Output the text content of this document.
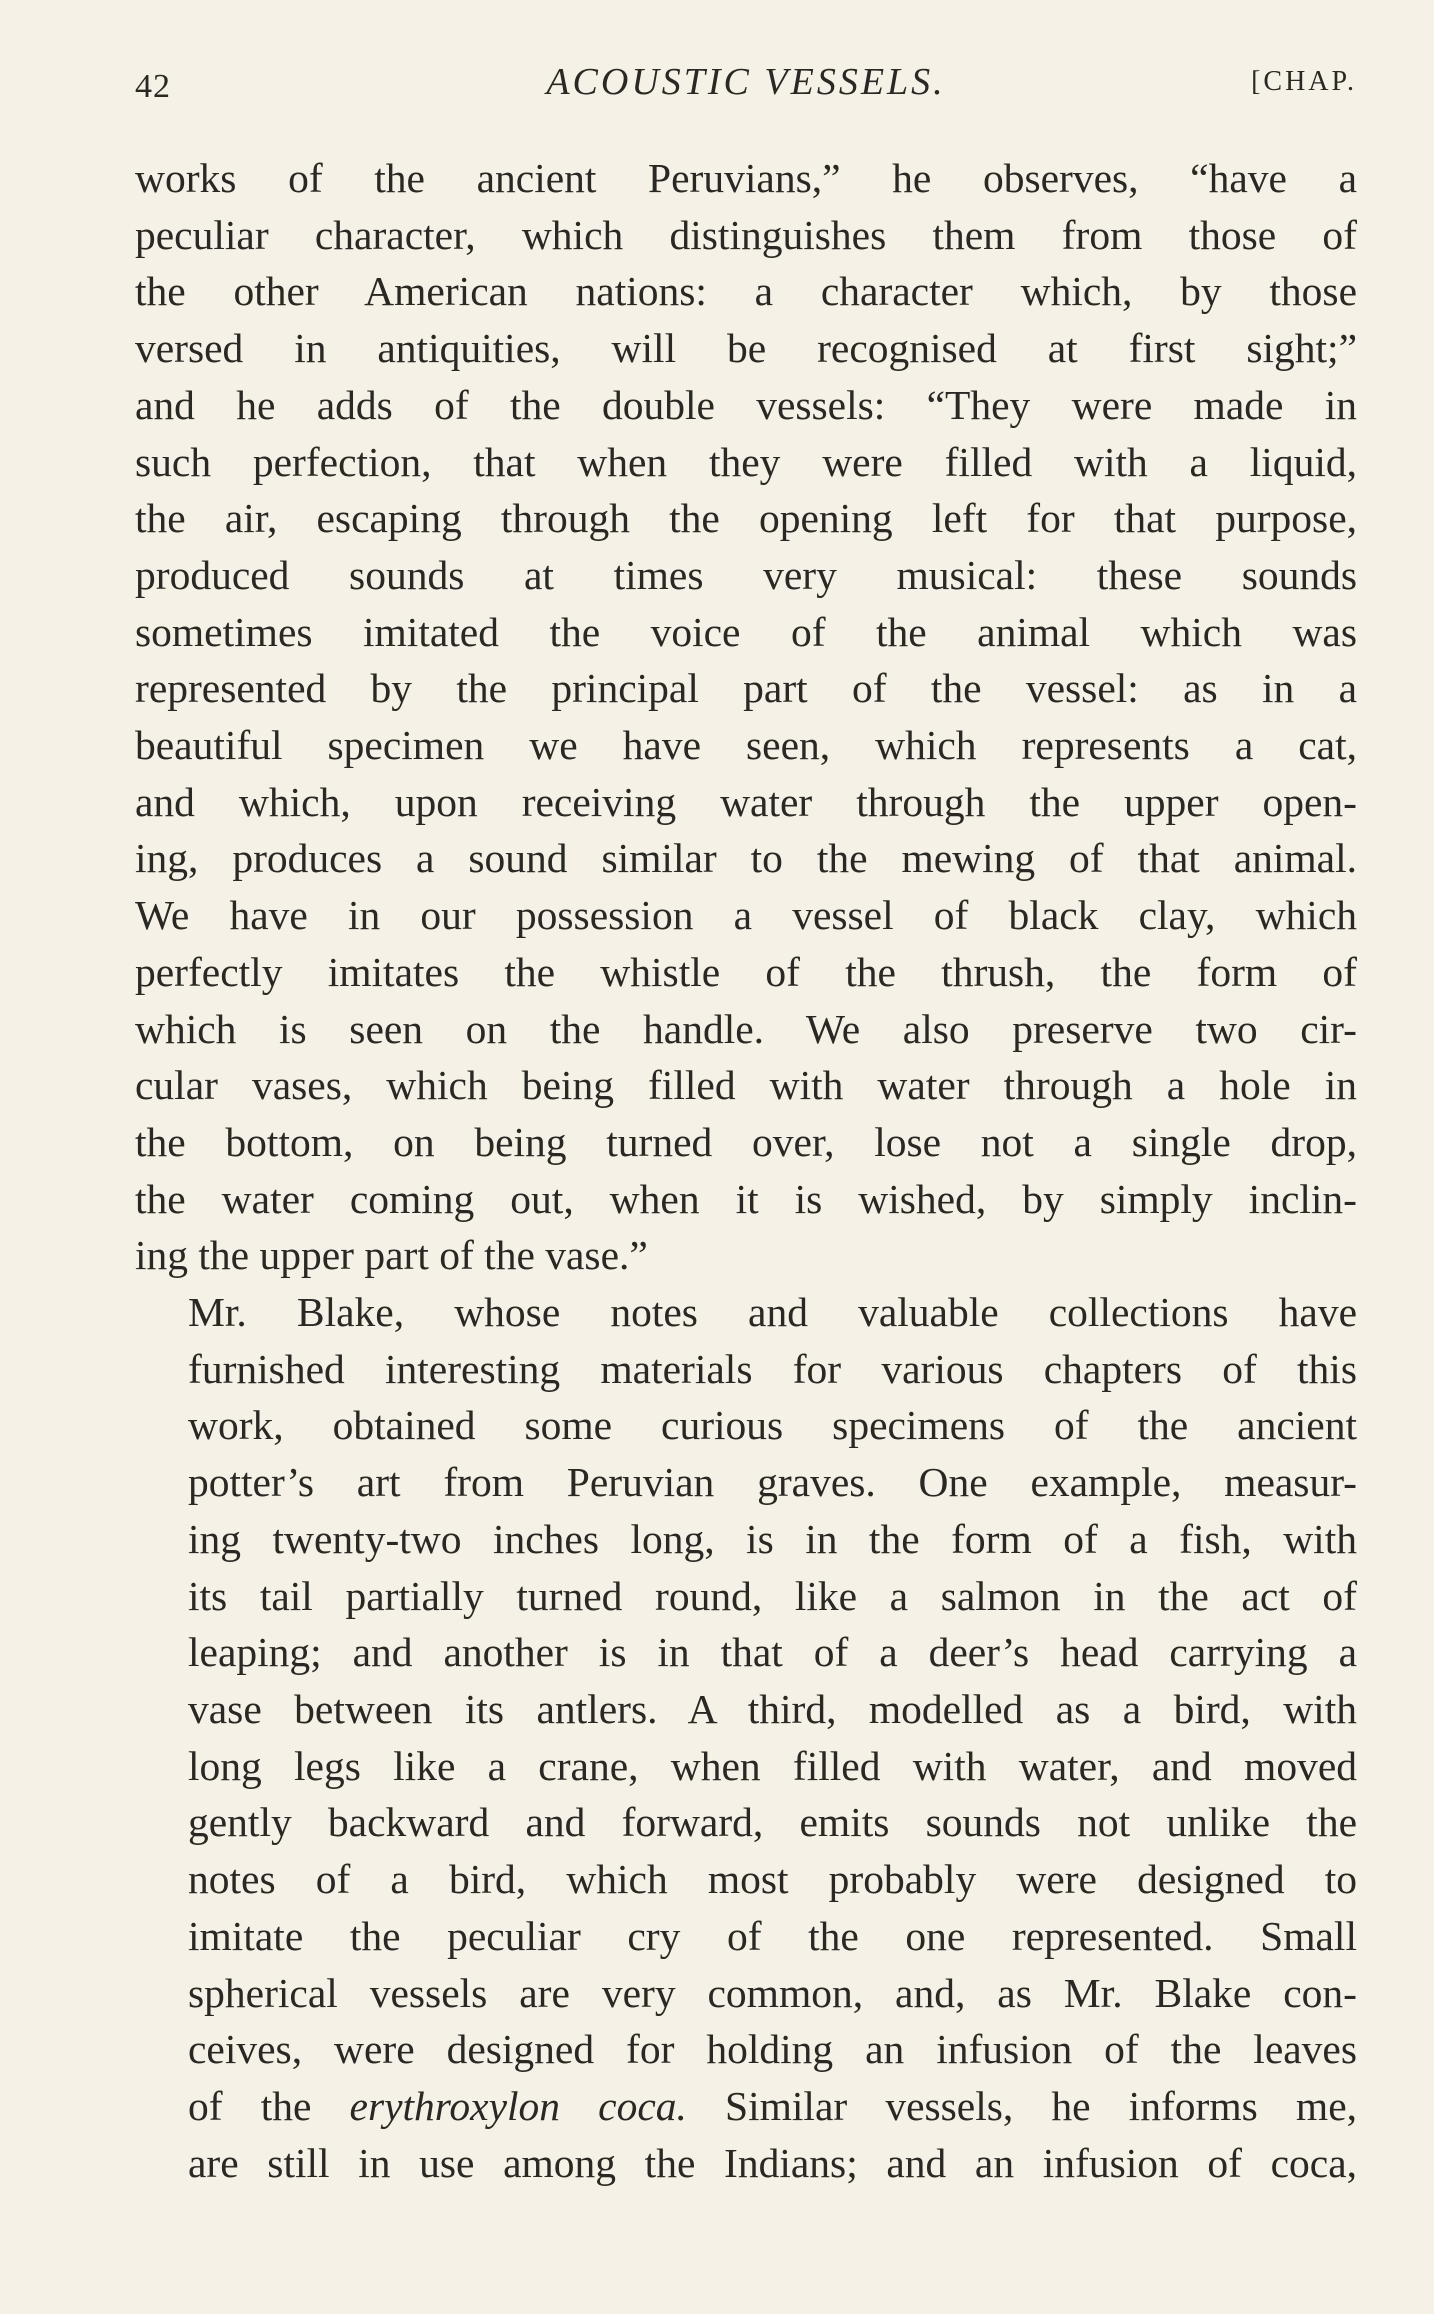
42	ACOUSTIC VESSELS.	[CHAP.

works of the ancient Peruvians,” he observes, “have a
peculiar character, which distinguishes them from those of
the other American nations: a character which, by those
versed in antiquities, will be recognised at first sight;”
and he adds of the double vessels: “They were made in
such perfection, that when they were filled with a liquid,
the air, escaping through the opening left for that purpose,
produced sounds at times very musical: these sounds
sometimes imitated the voice of the animal which was
represented by the principal part of the vessel: as in a
beautiful specimen we have seen, which represents a cat,
and which, upon receiving water through the upper open-
ing, produces a sound similar to the mewing of that animal.
We have in our possession a vessel of black clay, which
perfectly imitates the whistle of the thrush, the form of
which is seen on the handle. We also preserve two cir-
cular vases, which being filled with water through a hole in
the bottom, on being turned over, lose not a single drop,
the water coming out, when it is wished, by simply inclin-
ing the upper part of the vase.”

Mr. Blake, whose notes and valuable collections have
furnished interesting materials for various chapters of this
work, obtained some curious specimens of the ancient
potter’s art from Peruvian graves. One example, measur-
ing twenty-two inches long, is in the form of a fish, with
its tail partially turned round, like a salmon in the act of
leaping; and another is in that of a deer’s head carrying a
vase between its antlers. A third, modelled as a bird, with
long legs like a crane, when filled with water, and moved
gently backward and forward, emits sounds not unlike the
notes of a bird, which most probably were designed to
imitate the peculiar cry of the one represented. Small
spherical vessels are very common, and, as Mr. Blake con-
ceives, were designed for holding an infusion of the leaves
of the erythroxylon coca. Similar vessels, he informs me,
are still in use among the Indians; and an infusion of coca,
